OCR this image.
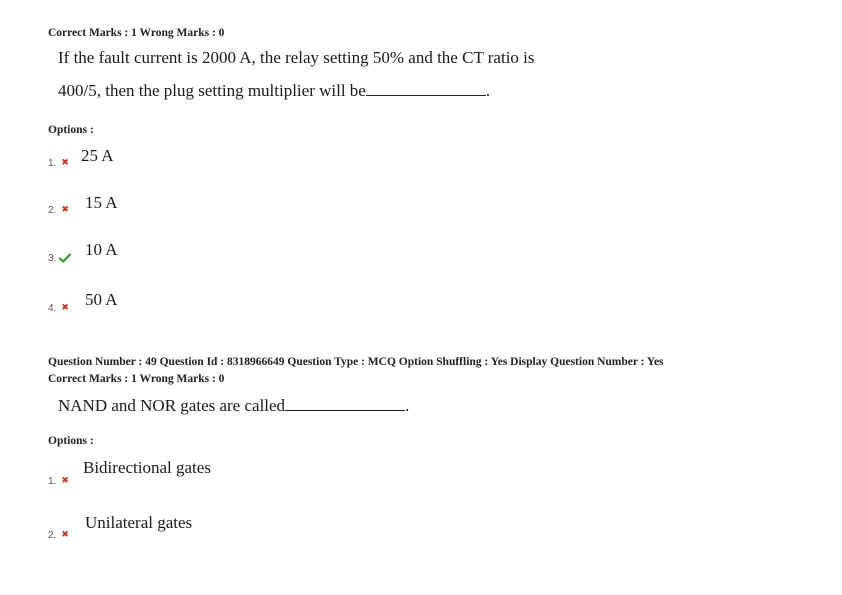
Correct Marks : 1 Wrong Marks : 0
If the fault current is 2000 A, the relay setting 50% and the CT ratio is
400/5, then the plug setting multiplier will be	.
Options :
25 A
1. ✖
15 A
2. ✖
10 A
3.
50 A
4. ✖
Question Number : 49 Question Id : 8318966649 Question Type : MCQ Option Shuffling : Yes Display Question Number : Yes
Correct Marks : 1 Wrong Marks : 0
NAND and NOR gates are called	.
Options :
Bidirectional gates
1. ✖
Unilateral gates
2. ✖
